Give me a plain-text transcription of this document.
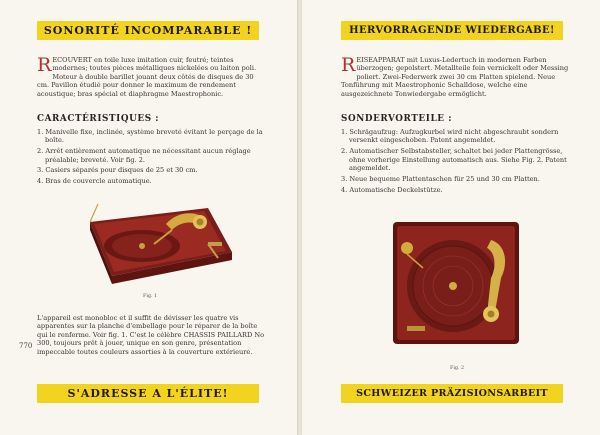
SONORITÉ INCOMPARABLE !
RECOUVERT en toile luxe imitation cuir, feutré; teintes modernes; toutes pièces métalliques nickelées ou laiton poli. Moteur à double barillet jouant deux côtés de disques de 30 cm. Pavillon étudié pour donner le maximum de rendement acoustique; bras spécial et diaphragme Maestrophonic.
CARACTÉRISTIQUES :
1. Manivelle fixe, inclinée, système breveté évitant le perçage de la boîte.
2. Arrêt entièrement automatique ne nécessitant aucun réglage préalable; breveté. Voir fig. 2.
3. Casiers séparés pour disques de 25 et 30 cm.
4. Bras de couvercle automatique.
Fig. 1
L'appareil est monobloc et il suffit de dévisser les quatre vis apparentes sur la planche d'embellage pour le réparer de la boîte qui le renferme. Voir fig. 1. C'est le célèbre CHASSIS PAILLARD No 300, toujours prêt à jouer, unique en son genre, présentation impeccable toutes couleurs assorties à la couverture extérieure.
770
S'ADRESSE A L'ÉLITE!
HERVORRAGENDE WIEDERGABE!
REISEAPPARAT mit Luxus-Ledertuch in modernen Farben überzogen; gepolstert. Metallteile fein vernickelt oder Messing poliert. Zwei-Federwerk zwei 30 cm Platten spielend. Neue Tonführung mit Maestrophonic Schalldose, welche eine ausgezeichnete Tonwiedergabe ermöglicht.
SONDERVORTEILE :
1. Schrägaufzug: Aufzugkurbel wird nicht abgeschraubt sondern versenkt eingeschoben. Patent angemeldet.
2. Automatischer Selbstabsteller, schaltet bei jeder Plattengrösse, ohne vorherige Einstellung automatisch aus. Siehe Fig. 2. Patent angemeldet.
3. Neue bequeme Plattentaschen für 25 und 30 cm Platten.
4. Automatische Deckelstütze.
Fig. 2
SCHWEIZER PRÄZISIONSARBEIT
